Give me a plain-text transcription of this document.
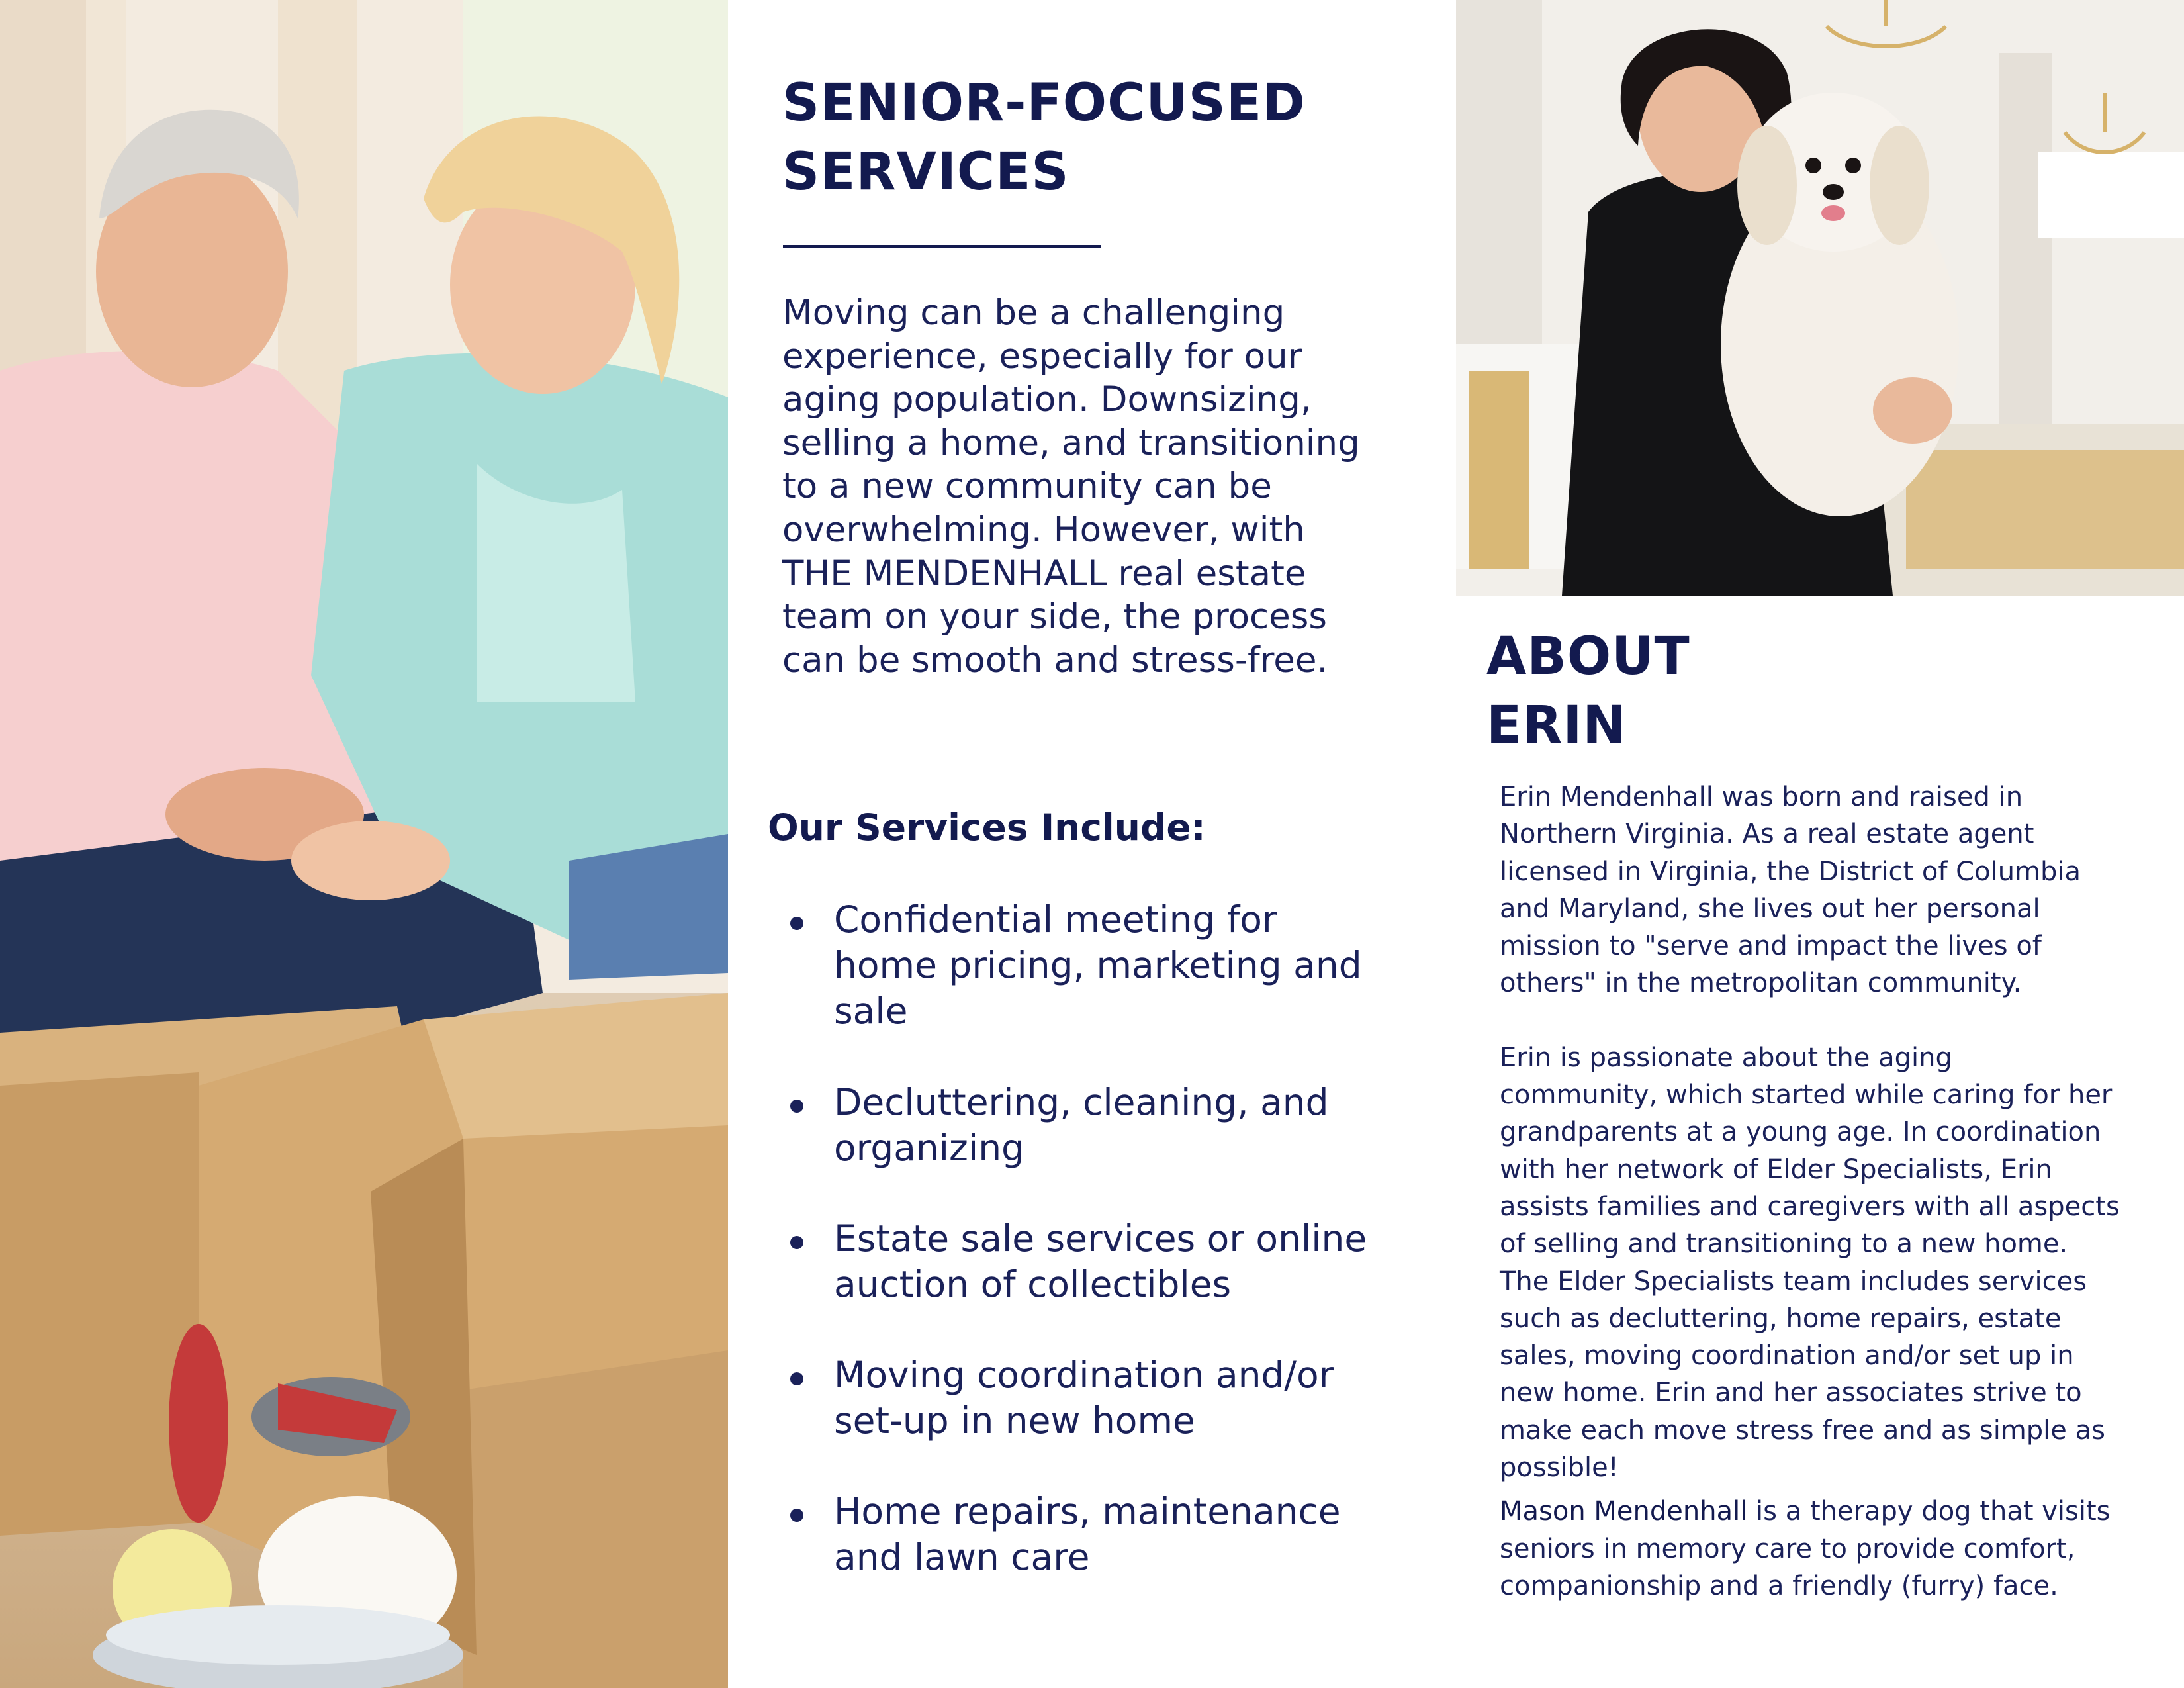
SENIOR-FOCUSED
SERVICES
Moving can be a challenging
experience, especially for our
aging population. Downsizing,
selling a home, and transitioning
to a new community can be
overwhelming. However, with
THE MENDENHALL real estate
team on your side, the process
can be smooth and stress-free.
Our Services Include:
Confidential meeting for
home pricing, marketing and
sale
Decluttering, cleaning, and
organizing
Estate sale services or online
auction of collectibles
Moving coordination and/or
set-up in new home
Home repairs, maintenance
and lawn care
ABOUT
ERIN

Erin Mendenhall was born and raised in
Northern Virginia. As a real estate agent
licensed in Virginia, the District of Columbia
and Maryland, she lives out her personal
mission to "serve and impact the lives of
others" in the metropolitan community.

Erin is passionate about the aging
community, which started while caring for her
grandparents at a young age. In coordination
with her network of Elder Specialists, Erin
assists families and caregivers with all aspects
of selling and transitioning to a new home.
The Elder Specialists team includes services
such as decluttering, home repairs, estate
sales, moving coordination and/or set up in
new home. Erin and her associates strive to
make each move stress free and as simple as
possible!

Mason Mendenhall is a therapy dog that visits
seniors in memory care to provide comfort,
companionship and a friendly (furry) face.
